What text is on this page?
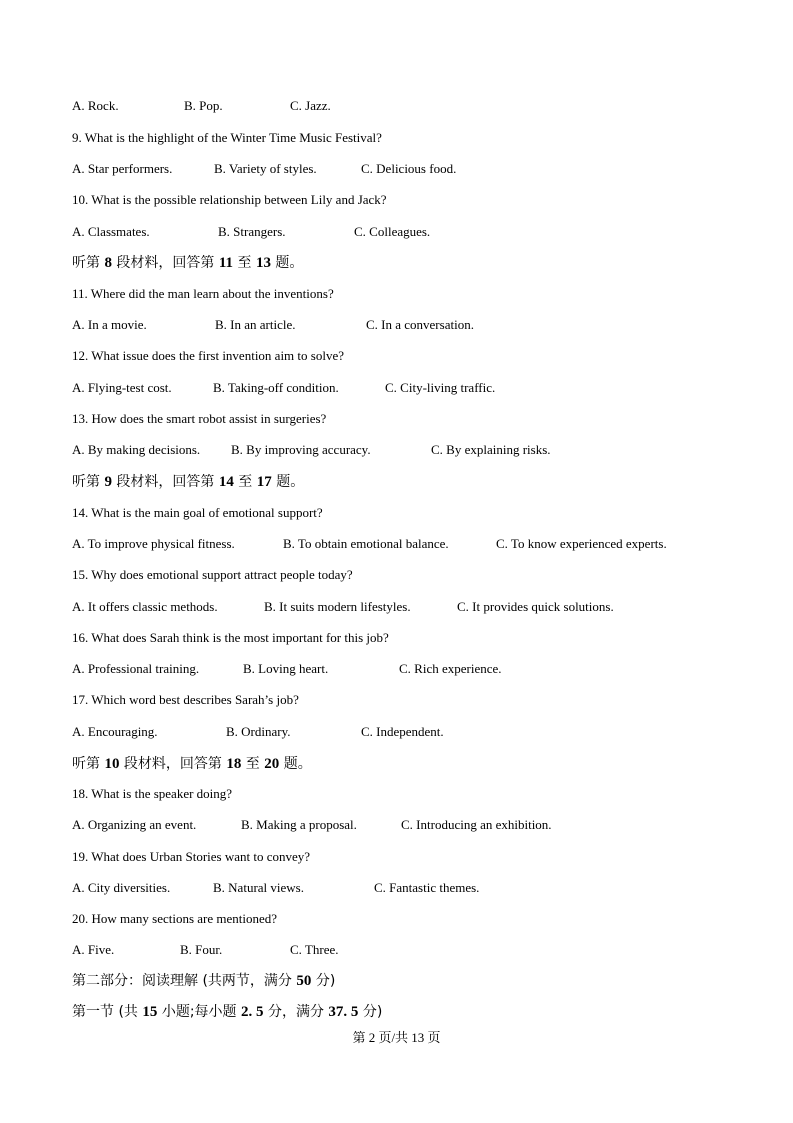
A. Rock.	B. Pop.	C. Jazz.
9. What is the highlight of the Winter Time Music Festival?
A. Star performers.	B. Variety of styles.	C. Delicious food.
10. What is the possible relationship between Lily and Jack?
A. Classmates.	B. Strangers.	C. Colleagues.
听第 8 段材料，回答第 11 至 13 题。
11. Where did the man learn about the inventions?
A. In a movie.	B. In an article.	C. In a conversation.
12. What issue does the first invention aim to solve?
A. Flying-test cost.	B. Taking-off condition.	C. City-living traffic.
13. How does the smart robot assist in surgeries?
A. By making decisions. B. By improving accuracy.	C. By explaining risks.
听第 9 段材料，回答第 14 至 17 题。
14. What is the main goal of emotional support?
A. To improve physical fitness.	B. To obtain emotional balance.	C. To know experienced experts.
15. Why does emotional support attract people today?
A. It offers classic methods.	B. It suits modern lifestyles.	C. It provides quick solutions.
16. What does Sarah think is the most important for this job?
A. Professional training.	B. Loving heart.	C. Rich experience.
17. Which word best describes Sarah’s job?
A. Encouraging.	B. Ordinary.	C. Independent.
听第 10 段材料，回答第 18 至 20 题。
18. What is the speaker doing?
A. Organizing an event.	B. Making a proposal.	C. Introducing an exhibition.
19. What does Urban Stories want to convey?
A. City diversities.	B. Natural views.	C. Fantastic themes.
20. How many sections are mentioned?
A. Five.	B. Four.	C. Three.
第二部分：阅读理解 (共两节，满分 50 分)
第一节 (共 15 小题;每小题 2. 5 分，满分 37. 5 分)
第 2 页/共 13 页
